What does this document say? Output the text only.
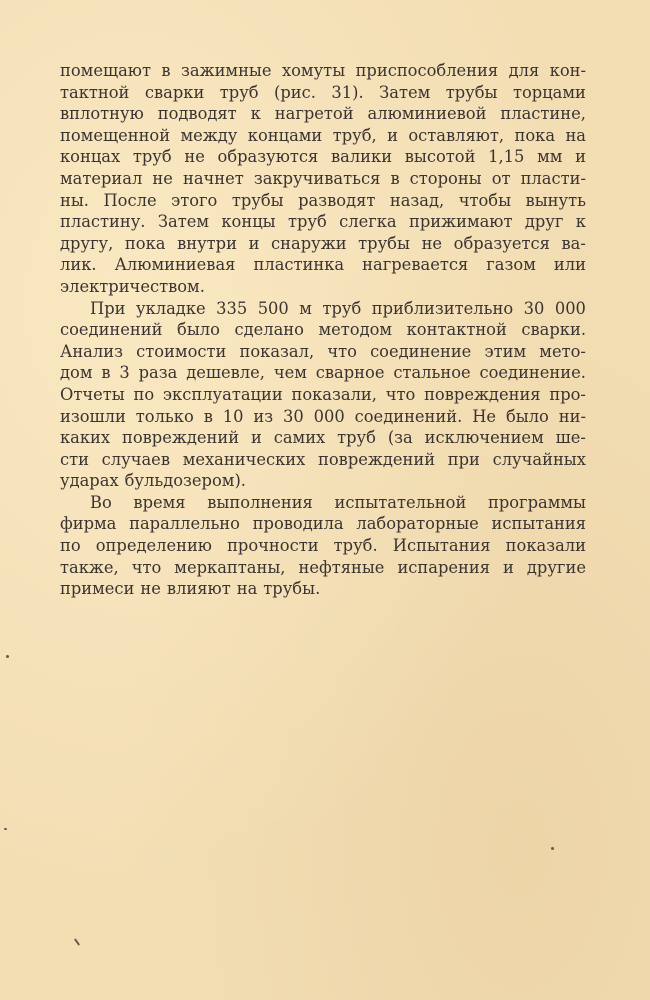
помещают в зажимные хомуты приспособления для кон-
тактной сварки труб (рис. 31). Затем трубы торцами
вплотную подводят к нагретой алюминиевой пластине,
помещенной между концами труб, и оставляют, пока на
концах труб не образуются валики высотой 1,15 мм и
материал не начнет закручиваться в стороны от пласти-
ны. После этого трубы разводят назад, чтобы вынуть
пластину. Затем концы труб слегка прижимают друг к
другу, пока внутри и снаружи трубы не образуется ва-
лик. Алюминиевая пластинка нагревается газом или
электричеством.
При укладке 335 500 м труб приблизительно 30 000
соединений было сделано методом контактной сварки.
Анализ стоимости показал, что соединение этим мето-
дом в 3 раза дешевле, чем сварное стальное соединение.
Отчеты по эксплуатации показали, что повреждения про-
изошли только в 10 из 30 000 соединений. Не было ни-
каких повреждений и самих труб (за исключением ше-
сти случаев механических повреждений при случайных
ударах бульдозером).
Во время выполнения испытательной программы
фирма параллельно проводила лабораторные испытания
по определению прочности труб. Испытания показали
также, что меркаптаны, нефтяные испарения и другие
примеси не влияют на трубы.
